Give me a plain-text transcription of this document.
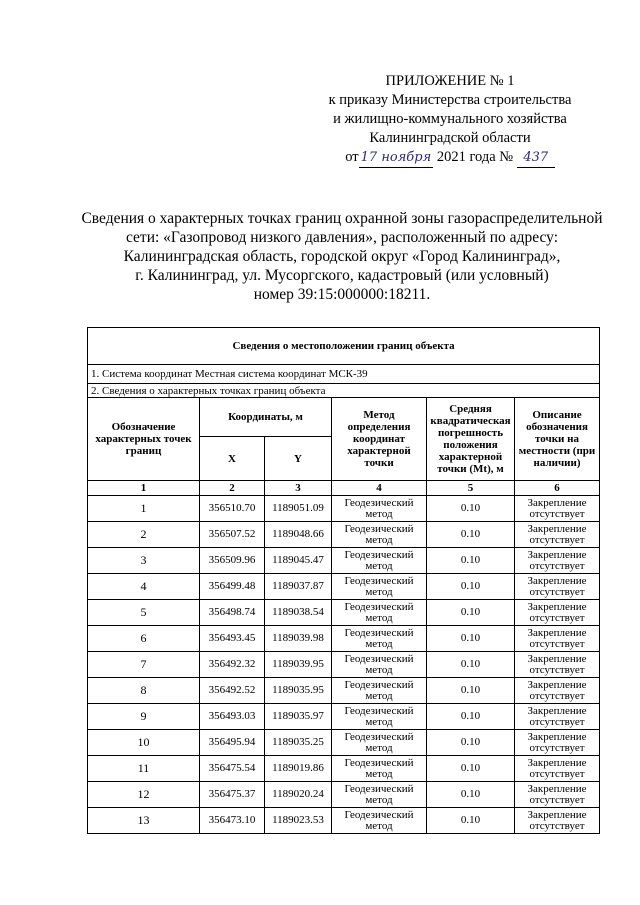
ПРИЛОЖЕНИЕ № 1
к приказу Министерства строительства
и жилищно-коммунального хозяйства
Калининградской области
от 17 ноября 2021 года № 437
Сведения о характерных точках границ охранной зоны газораспределительной
сети: «Газопровод низкого давления», расположенный по адресу:
Калининградская область, городской округ «Город Калининград»,
г. Калининград, ул. Мусоргского, кадастровый (или условный)
номер 39:15:000000:18211.
Сведения о местоположении границ объекта					
1. Система координат Местная система координат МСК-39					
2. Сведения о характерных точках границ объекта					
Обозначение характерных точек границ	Координаты, м		Метод определения координат характерной точки	Средняя квадратическая погрешность положения характерной точки (Mt), м	Описание обозначения точки на местности (при наличии)
	X	Y			
1	2	3	4	5	6
1	356510.70	1189051.09	Геодезический метод	0.10	Закрепление отсутствует
2	356507.52	1189048.66	Геодезический метод	0.10	Закрепление отсутствует
3	356509.96	1189045.47	Геодезический метод	0.10	Закрепление отсутствует
4	356499.48	1189037.87	Геодезический метод	0.10	Закрепление отсутствует
5	356498.74	1189038.54	Геодезический метод	0.10	Закрепление отсутствует
6	356493.45	1189039.98	Геодезический метод	0.10	Закрепление отсутствует
7	356492.32	1189039.95	Геодезический метод	0.10	Закрепление отсутствует
8	356492.52	1189035.95	Геодезический метод	0.10	Закрепление отсутствует
9	356493.03	1189035.97	Геодезический метод	0.10	Закрепление отсутствует
10	356495.94	1189035.25	Геодезический метод	0.10	Закрепление отсутствует
11	356475.54	1189019.86	Геодезический метод	0.10	Закрепление отсутствует
12	356475.37	1189020.24	Геодезический метод	0.10	Закрепление отсутствует
13	356473.10	1189023.53	Геодезический метод	0.10	Закрепление отсутствует
